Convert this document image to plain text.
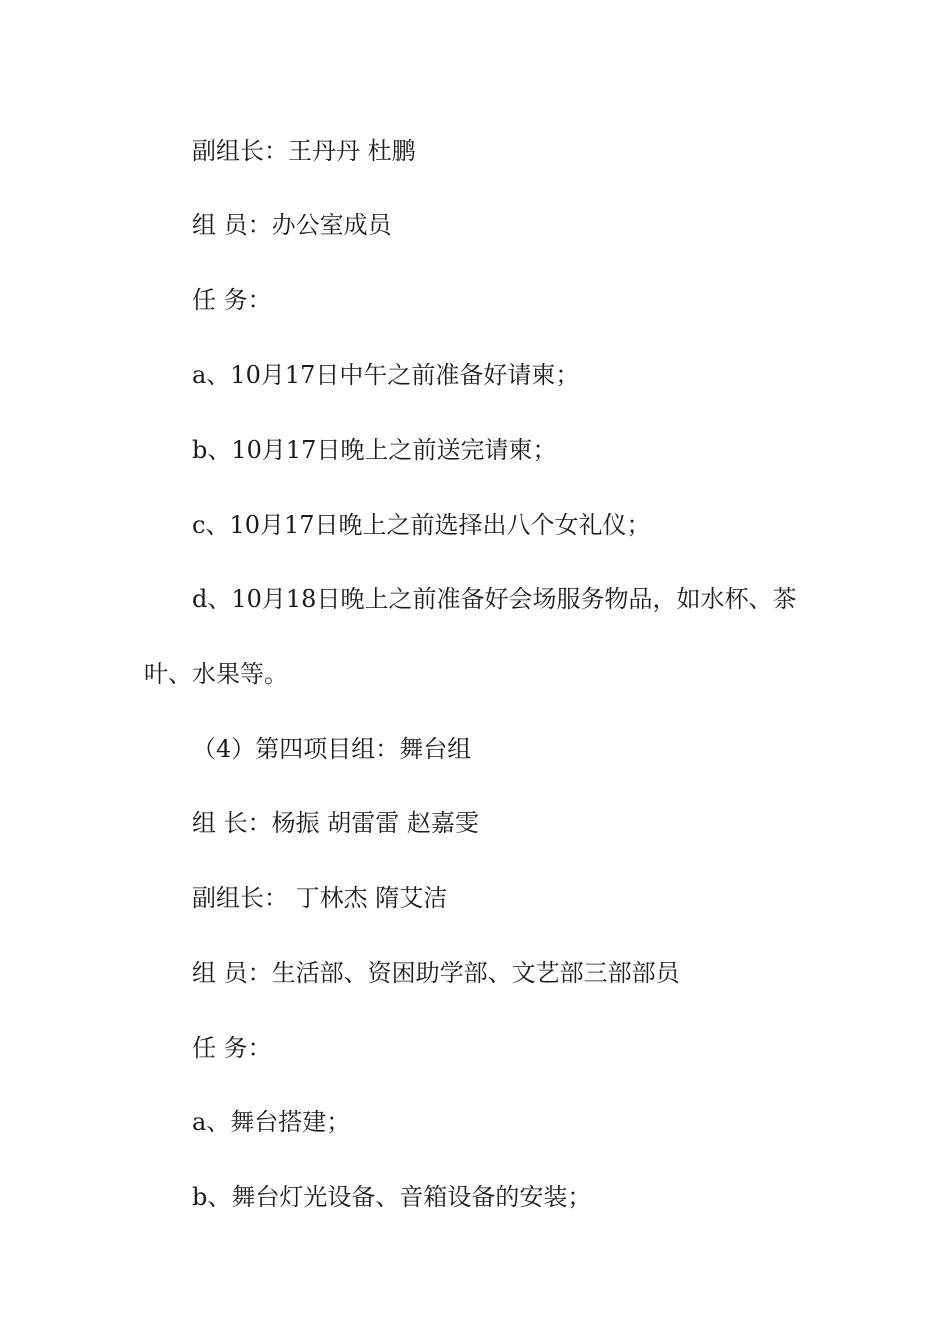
副组长：王丹丹 杜鹏
组 员：办公室成员
任 务：
a、10月17日中午之前准备好请柬；
b、10月17日晚上之前送完请柬；
c、10月17日晚上之前选择出八个女礼仪；
d、10月18日晚上之前准备好会场服务物品，如水杯、茶
叶、水果等。
（4）第四项目组：舞台组
组 长：杨振 胡雷雷 赵嘉雯
副组长： 丁林杰 隋艾洁
组 员：生活部、资困助学部、文艺部三部部员
任 务：
a、舞台搭建；
b、舞台灯光设备、音箱设备的安装；
